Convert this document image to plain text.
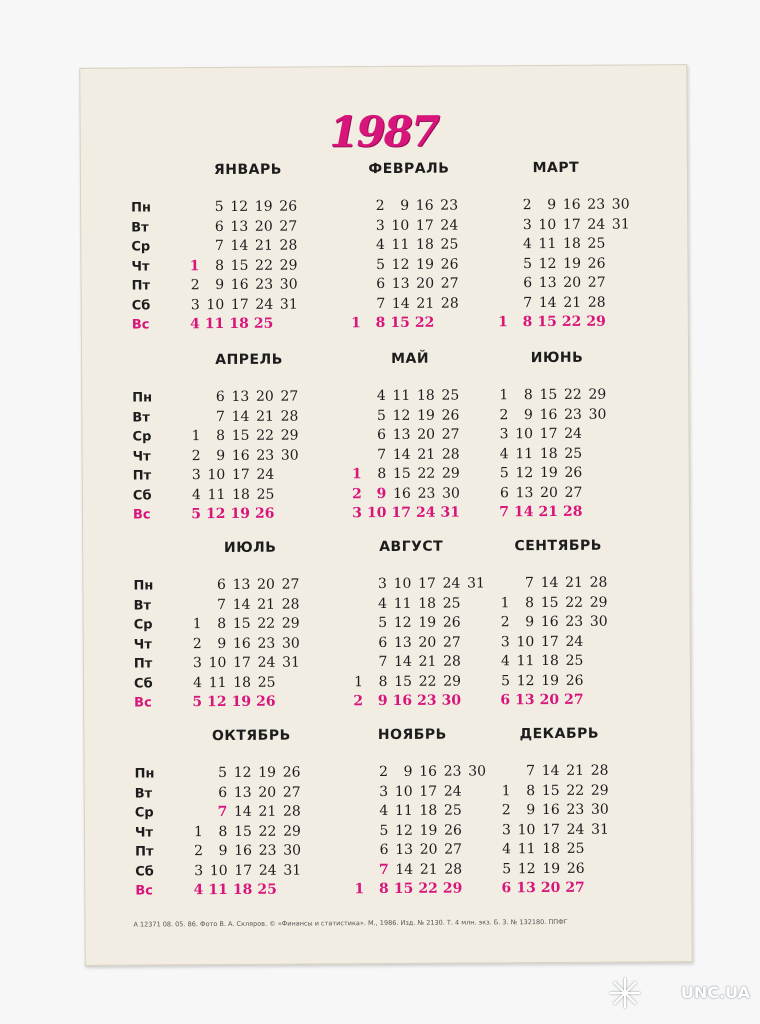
1987
Пн
Вт
Ср
Чт
Пт
Сб
Вс
ЯНВАРЬ
1
2
3
4
5
6
7
8
9
10
11
12
13
14
15
16
17
18
19
20
21
22
23
24
25
26
27
28
29
30
31
ФЕВРАЛЬ
1
2
3
4
5
6
7
8
9
10
11
12
13
14
15
16
17
18
19
20
21
22
23
24
25
26
27
28
МАРТ
1
2
3
4
5
6
7
8
9
10
11
12
13
14
15
16
17
18
19
20
21
22
23
24
25
26
27
28
29
30
31
Пн
Вт
Ср
Чт
Пт
Сб
Вс
АПРЕЛЬ
1
2
3
4
5
6
7
8
9
10
11
12
13
14
15
16
17
18
19
20
21
22
23
24
25
26
27
28
29
30
МАЙ
1
2
3
4
5
6
7
8
9
10
11
12
13
14
15
16
17
18
19
20
21
22
23
24
25
26
27
28
29
30
31
ИЮНЬ
1
2
3
4
5
6
7
8
9
10
11
12
13
14
15
16
17
18
19
20
21
22
23
24
25
26
27
28
29
30
Пн
Вт
Ср
Чт
Пт
Сб
Вс
ИЮЛЬ
1
2
3
4
5
6
7
8
9
10
11
12
13
14
15
16
17
18
19
20
21
22
23
24
25
26
27
28
29
30
31
АВГУСТ
1
2
3
4
5
6
7
8
9
10
11
12
13
14
15
16
17
18
19
20
21
22
23
24
25
26
27
28
29
30
31
СЕНТЯБРЬ
1
2
3
4
5
6
7
8
9
10
11
12
13
14
15
16
17
18
19
20
21
22
23
24
25
26
27
28
29
30
Пн
Вт
Ср
Чт
Пт
Сб
Вс
ОКТЯБРЬ
1
2
3
4
5
6
7
8
9
10
11
12
13
14
15
16
17
18
19
20
21
22
23
24
25
26
27
28
29
30
31
НОЯБРЬ
1
2
3
4
5
6
7
8
9
10
11
12
13
14
15
16
17
18
19
20
21
22
23
24
25
26
27
28
29
30
ДЕКАБРЬ
1
2
3
4
5
6
7
8
9
10
11
12
13
14
15
16
17
18
19
20
21
22
23
24
25
26
27
28
29
30
31
А 12371 08. 05. 86. Фото В. А. Скляров. © «Финансы и статистика». М., 1986. Изд. № 2130. Т. 4 млн. экз. Б. 3. № 132180. ППФГ
UNC.UA
